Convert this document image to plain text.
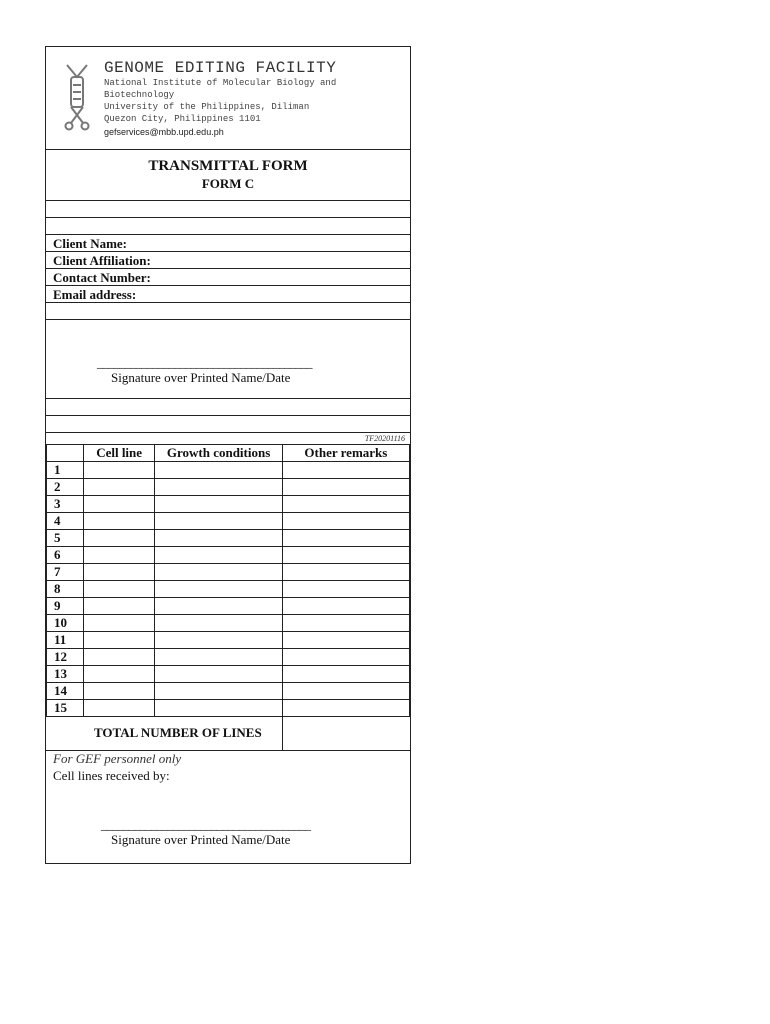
GENOME EDITING FACILITY
National Institute of Molecular Biology and
Biotechnology
University of the Philippines, Diliman
Quezon City, Philippines 1101
gefservices@mbb.upd.edu.ph
TRANSMITTAL FORM
FORM C
Client Name:
Client Affiliation:
Contact Number:
Email address:
_______________________________________
Signature over Printed Name/Date
TF20201116
	Cell line	Growth conditions	Other remarks
1			
2			
3			
4			
5			
6			
7			
8			
9			
10			
11			
12			
13			
14			
15			
TOTAL NUMBER OF LINES
For GEF personnel only
Cell lines received by:
______________________________________
Signature over Printed Name/Date
